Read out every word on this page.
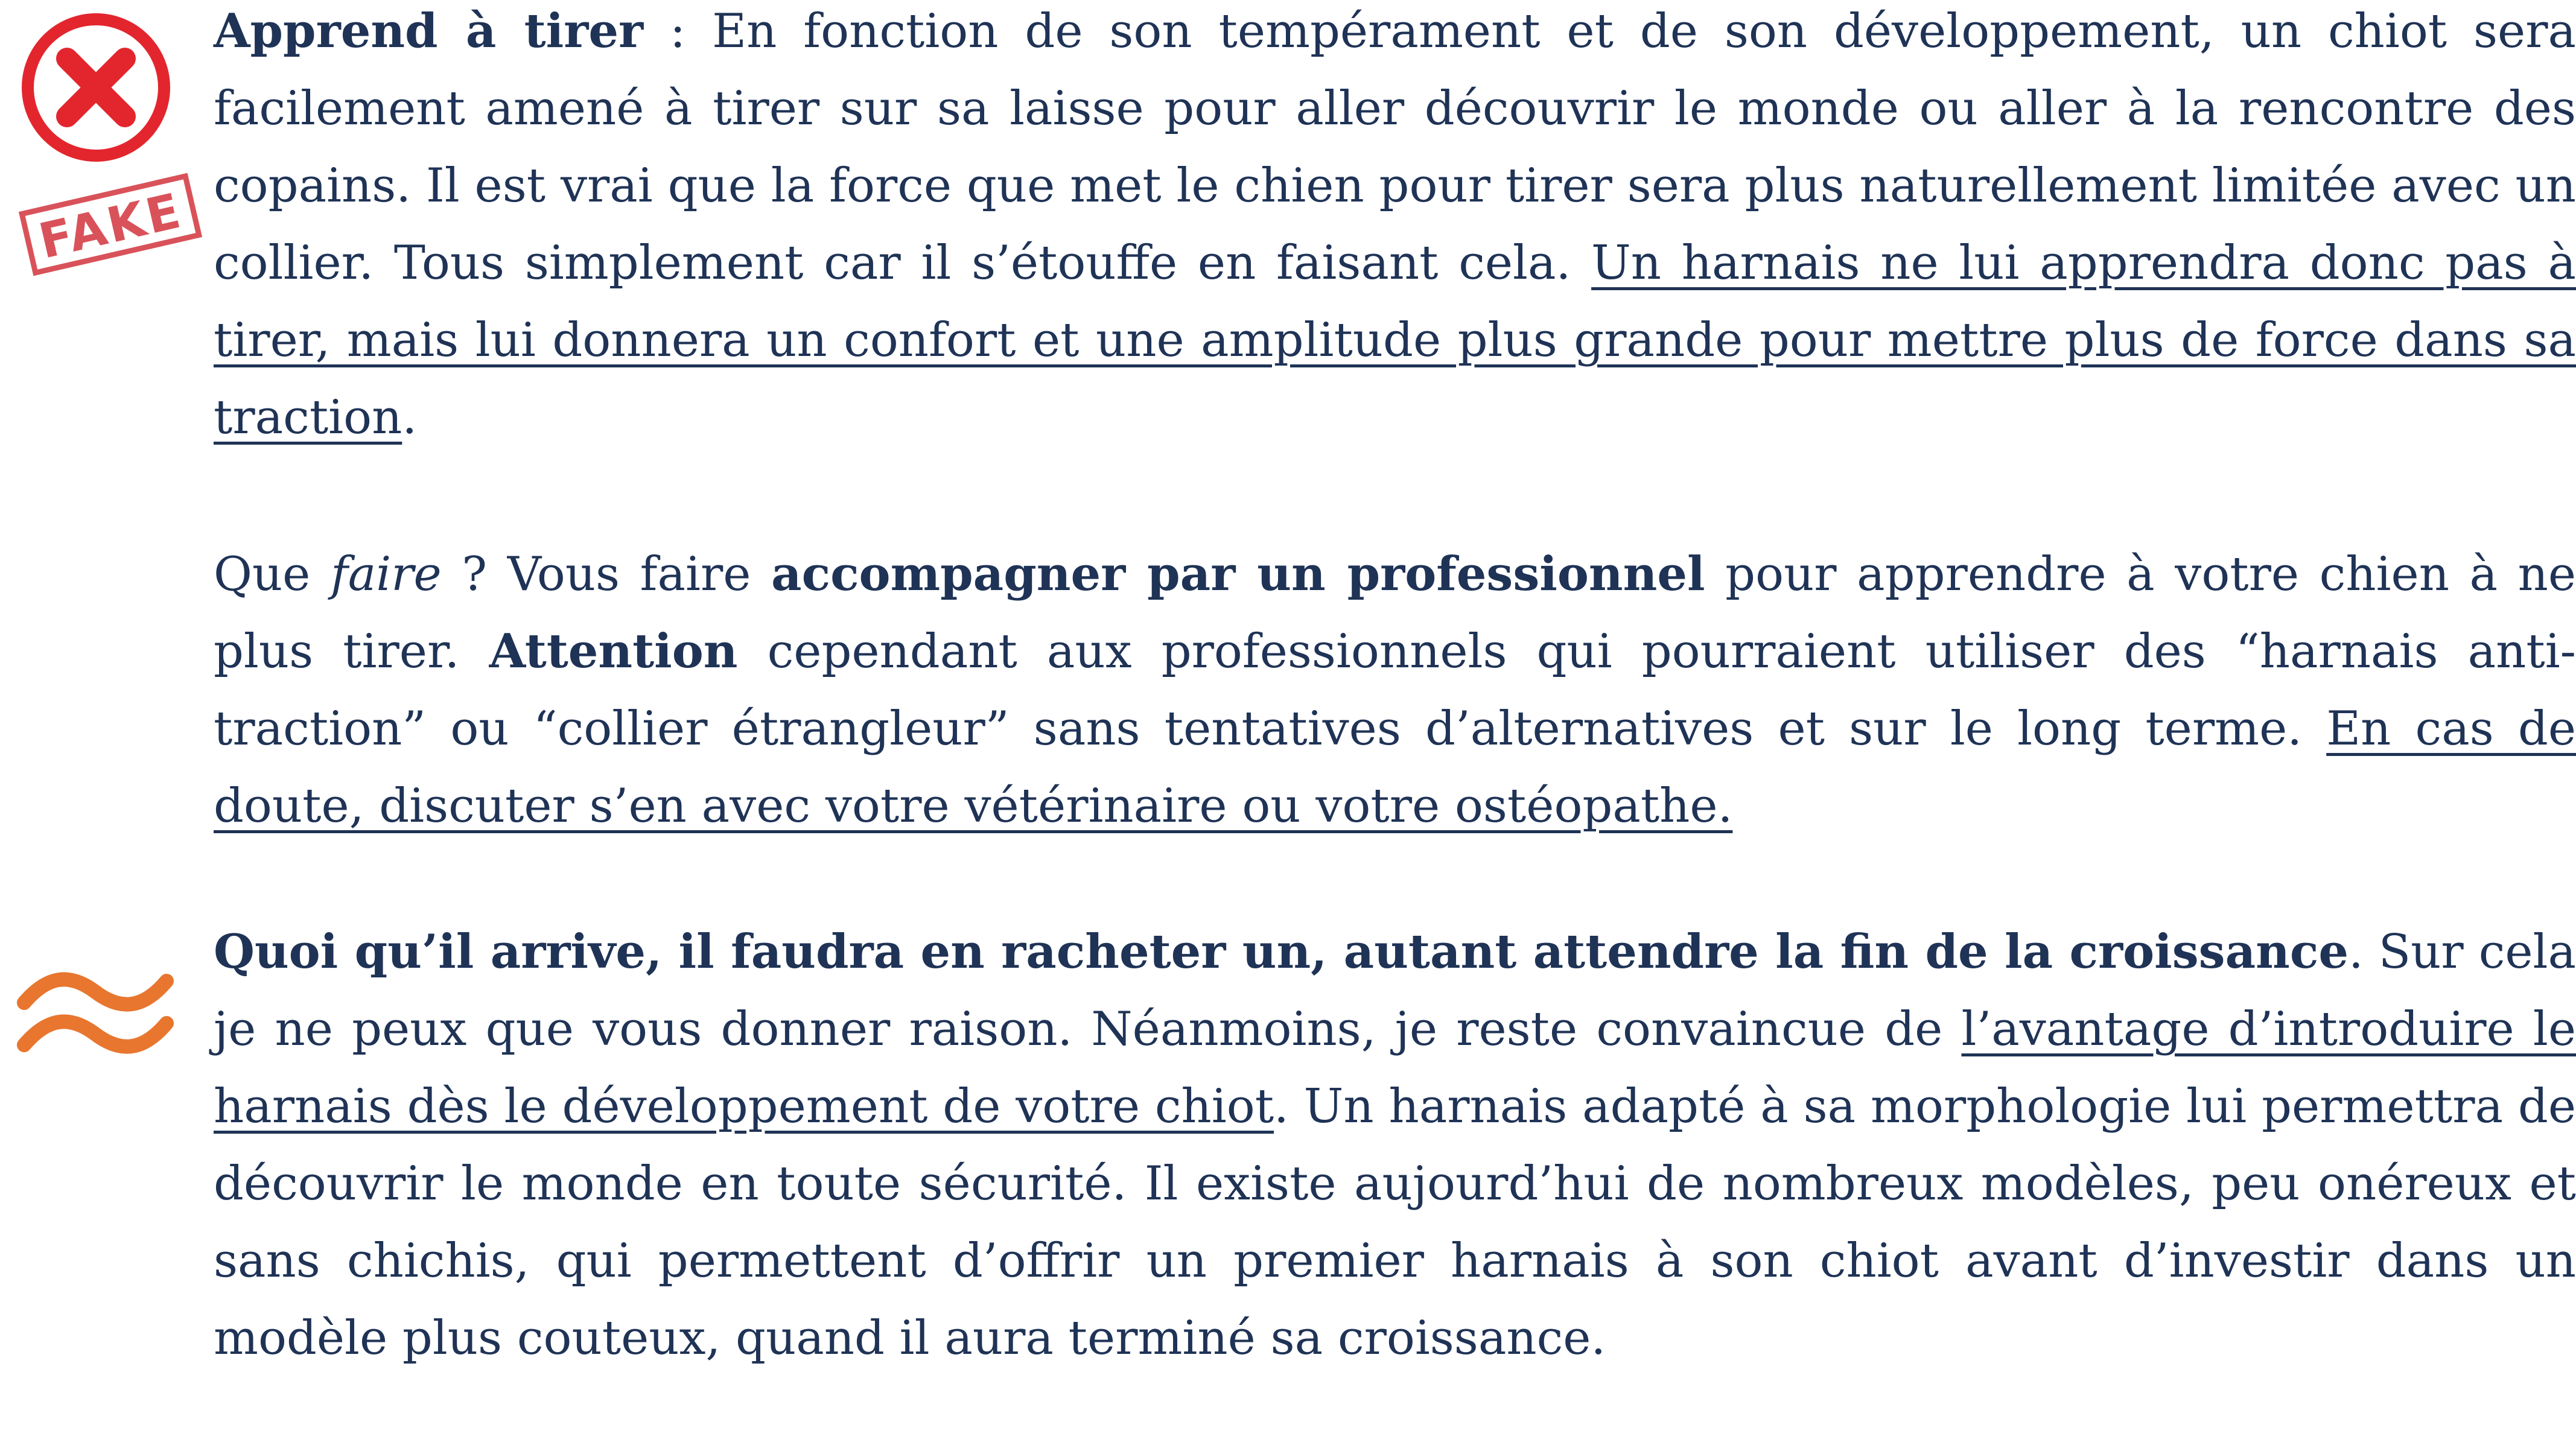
FAKE

Apprend à tirer : En fonction de son tempérament et de son développement, un chiot sera facilement amené à tirer sur sa laisse pour aller découvrir le monde ou aller à la rencontre des copains. Il est vrai que la force que met le chien pour tirer sera plus naturellement limitée avec un collier. Tous simplement car il s’étouffe en faisant cela. Un harnais ne lui apprendra donc pas à tirer, mais lui donnera un confort et une amplitude plus grande pour mettre plus de force dans sa traction.

Que faire ? Vous faire accompagner par un professionnel pour apprendre à votre chien à ne plus tirer. Attention cependant aux professionnels qui pourraient utiliser des “harnais anti-traction” ou “collier étrangleur” sans tentatives d’alternatives et sur le long terme. En cas de doute, discuter s’en avec votre vétérinaire ou votre ostéopathe.

Quoi qu’il arrive, il faudra en racheter un, autant attendre la fin de la croissance. Sur cela je ne peux que vous donner raison. Néanmoins, je reste convaincue de l’avantage d’introduire le harnais dès le développement de votre chiot. Un harnais adapté à sa morphologie lui permettra de découvrir le monde en toute sécurité. Il existe aujourd’hui de nombreux modèles, peu onéreux et sans chichis, qui permettent d’offrir un premier harnais à son chiot avant d’investir dans un modèle plus couteux, quand il aura terminé sa croissance.
